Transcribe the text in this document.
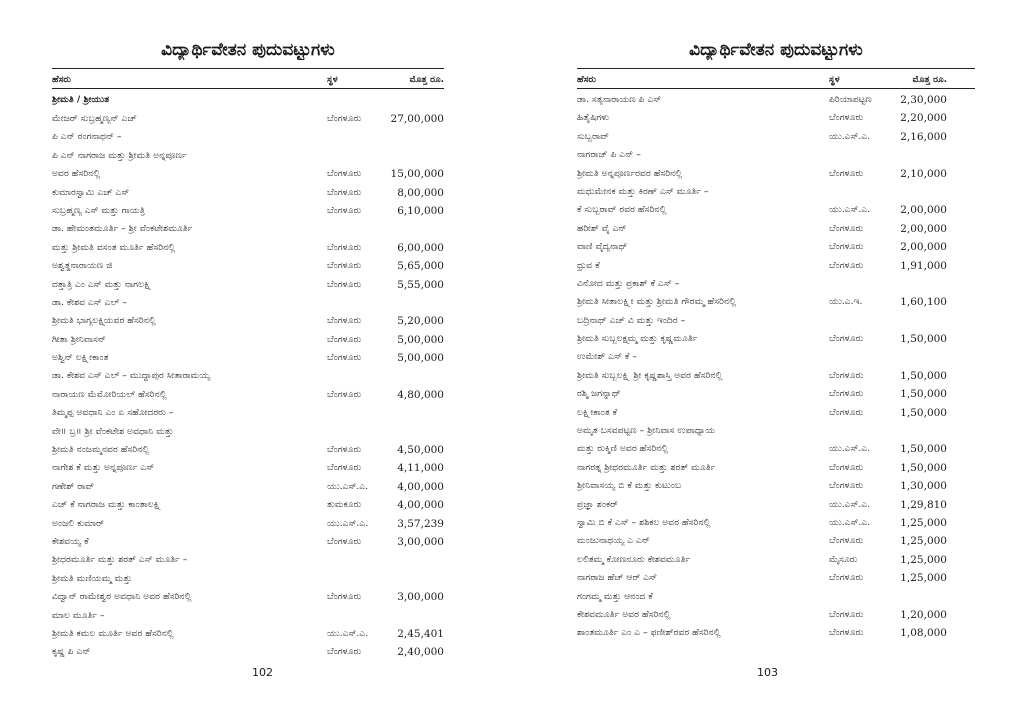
ವಿದ್ಯಾರ್ಥಿವೇತನ ಪುದುವಟ್ಟುಗಳು
ಹೆಸರು	ಸ್ಥಳ	ಮೊತ್ತ ರೂ.
ಶ್ರೀಮತಿ / ಶ್ರೀಯುತ
ಮೇಜರ್ ಸುಬ್ರಹ್ಮಣ್ಯನ್ ಎಚ್	ಬೆಂಗಳೂರು	27,00,000
ಪಿ ಎನ್ ರಂಗನಾಥನ್ –
ಪಿ ಎನ್ ನಾಗರಾಜ ಮತ್ತು ಶ್ರೀಮತಿ ಅನ್ನಪೂರ್ಣ
ಅವರ ಹೆಸರಿನಲ್ಲಿ	ಬೆಂಗಳೂರು	15,00,000
ಕುಮಾರಸ್ವಾಮಿ ಎಚ್ ಎಸ್	ಬೆಂಗಳೂರು	8,00,000
ಸುಬ್ರಹ್ಮಣ್ಯ ಎಸ್ ಮತ್ತು ಗಾಯತ್ರಿ	ಬೆಂಗಳೂರು	6,10,000
ಡಾ. ಹೇಮಂತಮೂರ್ತಿ – ಶ್ರೀ ವೆಂಕಟೇಶಮೂರ್ತಿ
ಮತ್ತು ಶ್ರೀಮತಿ ವಸಂತ ಮೂರ್ತಿ ಹೆಸರಿನಲ್ಲಿ	ಬೆಂಗಳೂರು	6,00,000
ಅಶ್ವತ್ಥನಾರಾಯಣ ಜಿ	ಬೆಂಗಳೂರು	5,65,000
ದತ್ತಾತ್ರಿ ಎಂ ಎಸ್ ಮತ್ತು ನಾಗಲಕ್ಷ್ಮಿ	ಬೆಂಗಳೂರು	5,55,000
ಡಾ. ಕೇಶವ ಎಸ್ ಎಲ್ –
ಶ್ರೀಮತಿ ಭಾಗ್ಯಲಕ್ಷ್ಮಿಯವರ ಹೆಸರಿನಲ್ಲಿ	ಬೆಂಗಳೂರು	5,20,000
ಗೀತಾ ಶ್ರೀನಿವಾಸನ್	ಬೆಂಗಳೂರು	5,00,000
ಅಶ್ವಿನ್ ಲಕ್ಷ್ಮೀಕಾಂತ	ಬೆಂಗಳೂರು	5,00,000
ಡಾ. ಕೇಶವ ಎಸ್ ಎಲ್ – ಮುದ್ದಾಪುರ ಸೀತಾರಾಮಯ್ಯ
ನಾರಾಯಣ ಮೆಮೋರಿಯಲ್ ಹೆಸರಿನಲ್ಲಿ	ಬೆಂಗಳೂರು	4,80,000
ತಿಮ್ಮಪ್ಪ ಅವಧಾನಿ ಎಂ ಏ ಸಹೋದರರು –
ವೇ॥ ಬ್ರ॥ ಶ್ರೀ ವೆಂಕಟೇಶ ಅವಧಾನಿ ಮತ್ತು
ಶ್ರೀಮತಿ ನಂಜಮ್ಮನವರ ಹೆಸರಿನಲ್ಲಿ	ಬೆಂಗಳೂರು	4,50,000
ನಾಗೇಶ ಕೆ ಮತ್ತು ಅನ್ನಪೂರ್ಣ ಎಸ್	ಬೆಂಗಳೂರು	4,11,000
ಗಣೇಶ್ ರಾವ್	ಯು.ಎಸ್.ಎ.	4,00,000
ಎಚ್ ಕೆ ನಾಗರಾಜ ಮತ್ತು ಕಾಂತಾಲಕ್ಷ್ಮಿ	ತುಮಕೂರು	4,00,000
ಅಂಜಲಿ ಕುಮಾರ್	ಯು.ಎಸ್.ಎ.	3,57,239
ಕೇಶವಯ್ಯ ಕೆ	ಬೆಂಗಳೂರು	3,00,000
ಶ್ರೀಧರಮೂರ್ತಿ ಮತ್ತು ಶರತ್ ಎಸ್ ಮೂರ್ತಿ –
ಶ್ರೀಮತಿ ಮಣಿಯಮ್ಮ ಮತ್ತು
ವಿದ್ವಾನ್ ರಾಮೇಶ್ವರ ಅವಧಾನಿ ಅವರ ಹೆಸರಿನಲ್ಲಿ	ಬೆಂಗಳೂರು	3,00,000
ಮಾಲ ಮೂರ್ತಿ –
ಶ್ರೀಮತಿ ಕಮಲ ಮೂರ್ತಿ ಅವರ ಹೆಸರಿನಲ್ಲಿ	ಯು.ಎಸ್.ಎ.	2,45,401
ಕೃಷ್ಣ ಪಿ ಎನ್	ಬೆಂಗಳೂರು	2,40,000
102
ವಿದ್ಯಾರ್ಥಿವೇತನ ಪುದುವಟ್ಟುಗಳು
ಹೆಸರು	ಸ್ಥಳ	ಮೊತ್ತ ರೂ.
ಡಾ. ಸತ್ಯನಾರಾಯಣ ಪಿ ಎಸ್	ಪಿರಿಯಾಪಟ್ಟಣ	2,30,000
ಹಿತೈಷಿಗಳು	ಬೆಂಗಳೂರು	2,20,000
ಸುಬ್ಬರಾವ್	ಯು.ಎಸ್.ಎ.	2,16,000
ನಾಗರಾಜ್ ಪಿ ಎನ್ –
ಶ್ರೀಮತಿ ಅನ್ನಪೂರ್ಣರವರ ಹೆಸರಿನಲ್ಲಿ	ಬೆಂಗಳೂರು	2,10,000
ಮಧುಮೇನಕ ಮತ್ತು ಕಿರಣ್ ಎಸ್ ಮೂರ್ತಿ –
ಕೆ ಸುಬ್ಬರಾವ್ ರವರ ಹೆಸರಿನಲ್ಲಿ	ಯು.ಎಸ್.ಎ.	2,00,000
ಹರೀಶ್ ವೈ ಎನ್	ಬೆಂಗಳೂರು	2,00,000
ವಾಣಿ ವೈದ್ಯನಾಥ್	ಬೆಂಗಳೂರು	2,00,000
ಧ್ರುವ ಕೆ	ಬೆಂಗಳೂರು	1,91,000
ವಿನೋದ ಮತ್ತು ಪ್ರಕಾಶ್ ಕೆ ಎಸ್ –
ಶ್ರೀಮತಿ ಸೀತಾಲಕ್ಷ್ಮೀ ಮತ್ತು ಶ್ರೀಮತಿ ಗೌರಮ್ಮ ಹೆಸರಿನಲ್ಲಿ	ಯು.ಎ.ಇ.	1,60,100
ಬದ್ರಿನಾಥ್ ಎಚ್ ವಿ ಮತ್ತು ಇಂದಿರ –
ಶ್ರೀಮತಿ ಸುಬ್ಬಲಕ್ಷ್ಮಮ್ಮ ಮತ್ತು ಕೃಷ್ಣಮೂರ್ತಿ	ಬೆಂಗಳೂರು	1,50,000
ಉಮೇಶ್ ಎಸ್ ಕೆ –
ಶ್ರೀಮತಿ ಸುಬ್ಬಲಕ್ಷ್ಮಿ ಶ್ರೀ ಕೃಷ್ಣಶಾಸ್ತ್ರಿ ಅವರ ಹೆಸರಿನಲ್ಲಿ	ಬೆಂಗಳೂರು	1,50,000
ರಶ್ಮಿ ಜಗನ್ನಾಥ್	ಬೆಂಗಳೂರು	1,50,000
ಲಕ್ಷ್ಮೀಕಾಂತ ಕೆ	ಬೆಂಗಳೂರು	1,50,000
ಅಮೃತ ಬಸವಪಟ್ಟಣ – ಶ್ರೀನಿವಾಸ ಉಪಾಧ್ಯಾಯ
ಮತ್ತು ರುಕ್ಮಿಣಿ ಅವರ ಹೆಸರಿನಲ್ಲಿ	ಯು.ಎಸ್.ಎ.	1,50,000
ನಾಗರತ್ನ ಶ್ರೀಧರಮೂರ್ತಿ ಮತ್ತು ಶರತ್ ಮೂರ್ತಿ	ಬೆಂಗಳೂರು	1,50,000
ಶ್ರೀನಿವಾಸಯ್ಯ ಬಿ ಕೆ ಮತ್ತು ಕುಟುಂಬ	ಬೆಂಗಳೂರು	1,30,000
ಪ್ರಜ್ಞಾ ಶಂಕರ್	ಯು.ಎಸ್.ಎ.	1,29,810
ಸ್ವಾಮಿ ಬಿ ಕೆ ಎಸ್ – ಶಶಿಕಲ ಅವರ ಹೆಸರಿನಲ್ಲಿ	ಯು.ಎಸ್.ಎ.	1,25,000
ಮಂಜುನಾಥಯ್ಯ ಎ ಎನ್	ಬೆಂಗಳೂರು	1,25,000
ಲಲಿತಮ್ಮ ಕೋಣನೂರು ಕೇಶವಮೂರ್ತಿ	ಮೈಸೂರು	1,25,000
ನಾಗರಾಜ ಹೆಚ್ ಆರ್ ಎಸ್	ಬೆಂಗಳೂರು	1,25,000
ಗಂಗಮ್ಮ ಮತ್ತು ಆನಂದ ಕೆ
ಕೇಶವಮೂರ್ತಿ ಅವರ ಹೆಸರಿನಲ್ಲಿ	ಬೆಂಗಳೂರು	1,20,000
ಶಾಂತಮೂರ್ತಿ ಎಂ ಎ – ಫಣೀಶ್‌ರವರ ಹೆಸರಿನಲ್ಲಿ	ಬೆಂಗಳೂರು	1,08,000
103
